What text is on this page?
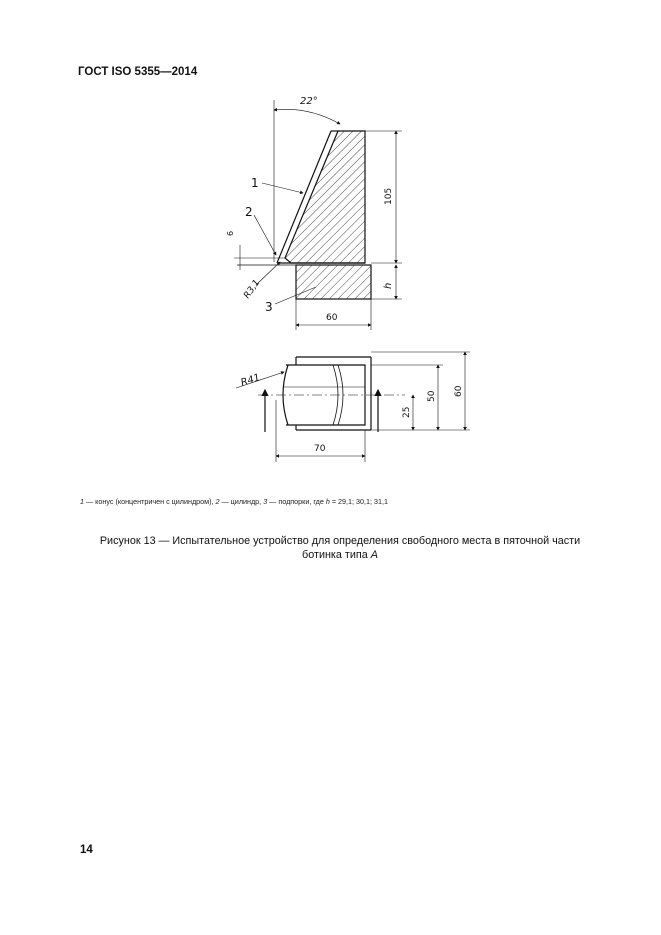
ГОСТ ISO 5355—2014
22°
1
2
3
105
h
60
6
R3,1
R41
25
50 60
70
1 — конус (концентричен с цилиндром), 2 — цилиндр, 3 — подпорки, где h = 29,1; 30,1; 31,1
Рисунок 13 — Испытательное устройство для определения свободного места в пяточной части
ботинка типа A
14
